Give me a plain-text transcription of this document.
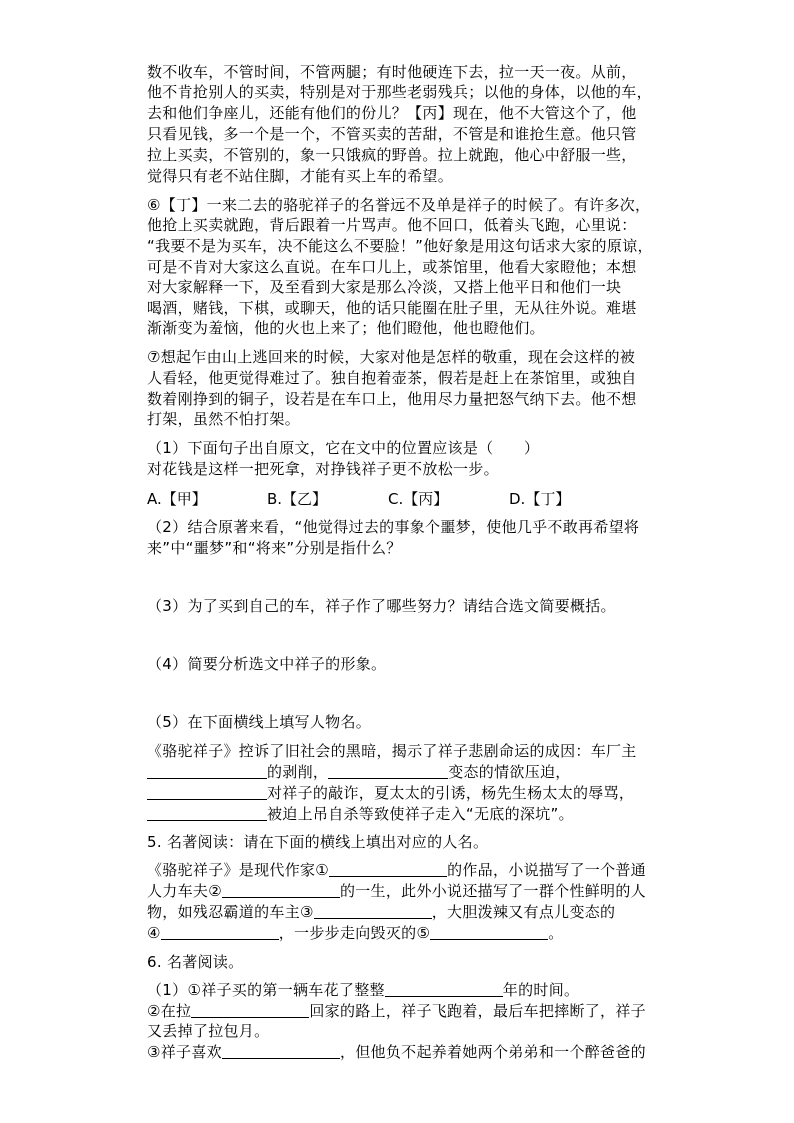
数不收车，不管时间，不管两腿；有时他硬连下去，拉一天一夜。从前，
他不肯抢别人的买卖，特别是对于那些老弱残兵；以他的身体，以他的车，
去和他们争座儿，还能有他们的份儿？【丙】现在，他不大管这个了，他
只看见钱，多一个是一个，不管买卖的苦甜，不管是和谁抢生意。他只管
拉上买卖，不管别的，象一只饿疯的野兽。拉上就跑，他心中舒服一些，
觉得只有老不站住脚，才能有买上车的希望。
⑥【丁】一来二去的骆驼祥子的名誉远不及单是祥子的时候了。有许多次，
他抢上买卖就跑，背后跟着一片骂声。他不回口，低着头飞跑，心里说：
“我要不是为买车，决不能这么不要脸！”他好象是用这句话求大家的原谅，
可是不肯对大家这么直说。在车口儿上，或茶馆里，他看大家瞪他；本想
对大家解释一下，及至看到大家是那么冷淡，又搭上他平日和他们一块
喝酒，赌钱，下棋，或聊天，他的话只能圈在肚子里，无从往外说。难堪
渐渐变为羞恼，他的火也上来了；他们瞪他，他也瞪他们。
⑦想起乍由山上逃回来的时候，大家对他是怎样的敬重，现在会这样的被
人看轻，他更觉得难过了。独自抱着壶茶，假若是赶上在茶馆里，或独自
数着刚挣到的铜子，设若是在车口上，他用尽力量把怒气纳下去。他不想
打架，虽然不怕打架。
（1）下面句子出自原文，它在文中的位置应该是（　　）
对花钱是这样一把死拿，对挣钱祥子更不放松一步。
A.【甲】	B.【乙】	C.【丙】	D.【丁】
（2）结合原著来看，“他觉得过去的事象个噩梦，使他几乎不敢再希望将
来”中“噩梦”和“将来”分别是指什么？
（3）为了买到自己的车，祥子作了哪些努力？请结合选文简要概括。
（4）简要分析选文中祥子的形象。
（5）在下面横线上填写人物名。
《骆驼祥子》控诉了旧社会的黑暗，揭示了祥子悲剧命运的成因：车厂主
的剥削，	变态的情欲压迫，
对祥子的敲诈，夏太太的引诱，杨先生杨太太的辱骂，
被迫上吊自杀等致使祥子走入“无底的深坑”。
5. 名著阅读：请在下面的横线上填出对应的人名。
《骆驼祥子》是现代作家①	的作品，小说描写了一个普通
人力车夫②	的一生，此外小说还描写了一群个性鲜明的人
物，如残忍霸道的车主③	，大胆泼辣又有点儿变态的
④	，一步步走向毁灭的⑤	。
6. 名著阅读。
（1）①祥子买的第一辆车花了整整	年的时间。
②在拉	回家的路上，祥子飞跑着，最后车把摔断了，祥子
又丢掉了拉包月。
③祥子喜欢	，但他负不起养着她两个弟弟和一个醉爸爸的
